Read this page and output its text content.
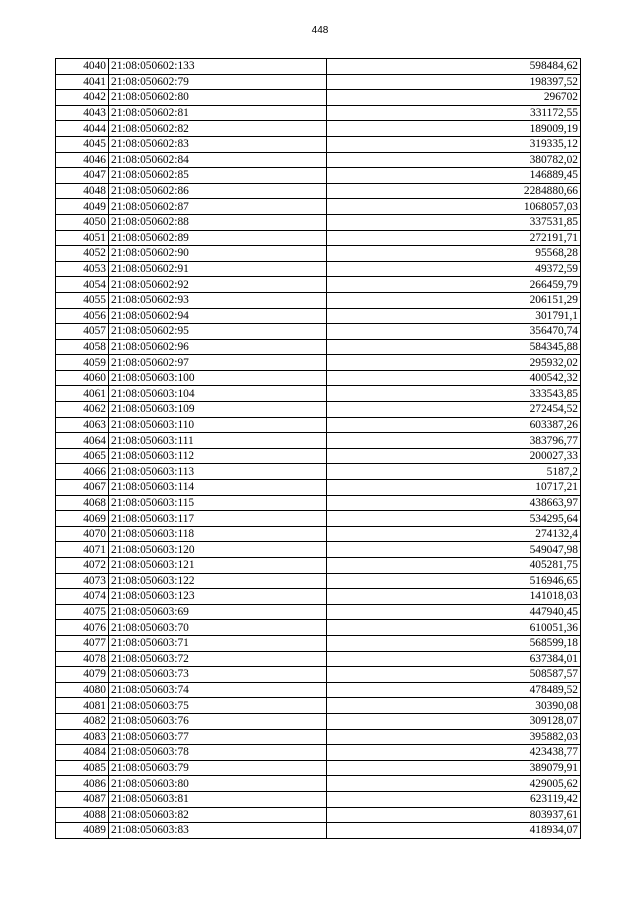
448
4040	21:08:050602:133	598484,62
4041	21:08:050602:79	198397,52
4042	21:08:050602:80	296702
4043	21:08:050602:81	331172,55
4044	21:08:050602:82	189009,19
4045	21:08:050602:83	319335,12
4046	21:08:050602:84	380782,02
4047	21:08:050602:85	146889,45
4048	21:08:050602:86	2284880,66
4049	21:08:050602:87	1068057,03
4050	21:08:050602:88	337531,85
4051	21:08:050602:89	272191,71
4052	21:08:050602:90	95568,28
4053	21:08:050602:91	49372,59
4054	21:08:050602:92	266459,79
4055	21:08:050602:93	206151,29
4056	21:08:050602:94	301791,1
4057	21:08:050602:95	356470,74
4058	21:08:050602:96	584345,88
4059	21:08:050602:97	295932,02
4060	21:08:050603:100	400542,32
4061	21:08:050603:104	333543,85
4062	21:08:050603:109	272454,52
4063	21:08:050603:110	603387,26
4064	21:08:050603:111	383796,77
4065	21:08:050603:112	200027,33
4066	21:08:050603:113	5187,2
4067	21:08:050603:114	10717,21
4068	21:08:050603:115	438663,97
4069	21:08:050603:117	534295,64
4070	21:08:050603:118	274132,4
4071	21:08:050603:120	549047,98
4072	21:08:050603:121	405281,75
4073	21:08:050603:122	516946,65
4074	21:08:050603:123	141018,03
4075	21:08:050603:69	447940,45
4076	21:08:050603:70	610051,36
4077	21:08:050603:71	568599,18
4078	21:08:050603:72	637384,01
4079	21:08:050603:73	508587,57
4080	21:08:050603:74	478489,52
4081	21:08:050603:75	30390,08
4082	21:08:050603:76	309128,07
4083	21:08:050603:77	395882,03
4084	21:08:050603:78	423438,77
4085	21:08:050603:79	389079,91
4086	21:08:050603:80	429005,62
4087	21:08:050603:81	623119,42
4088	21:08:050603:82	803937,61
4089	21:08:050603:83	418934,07
